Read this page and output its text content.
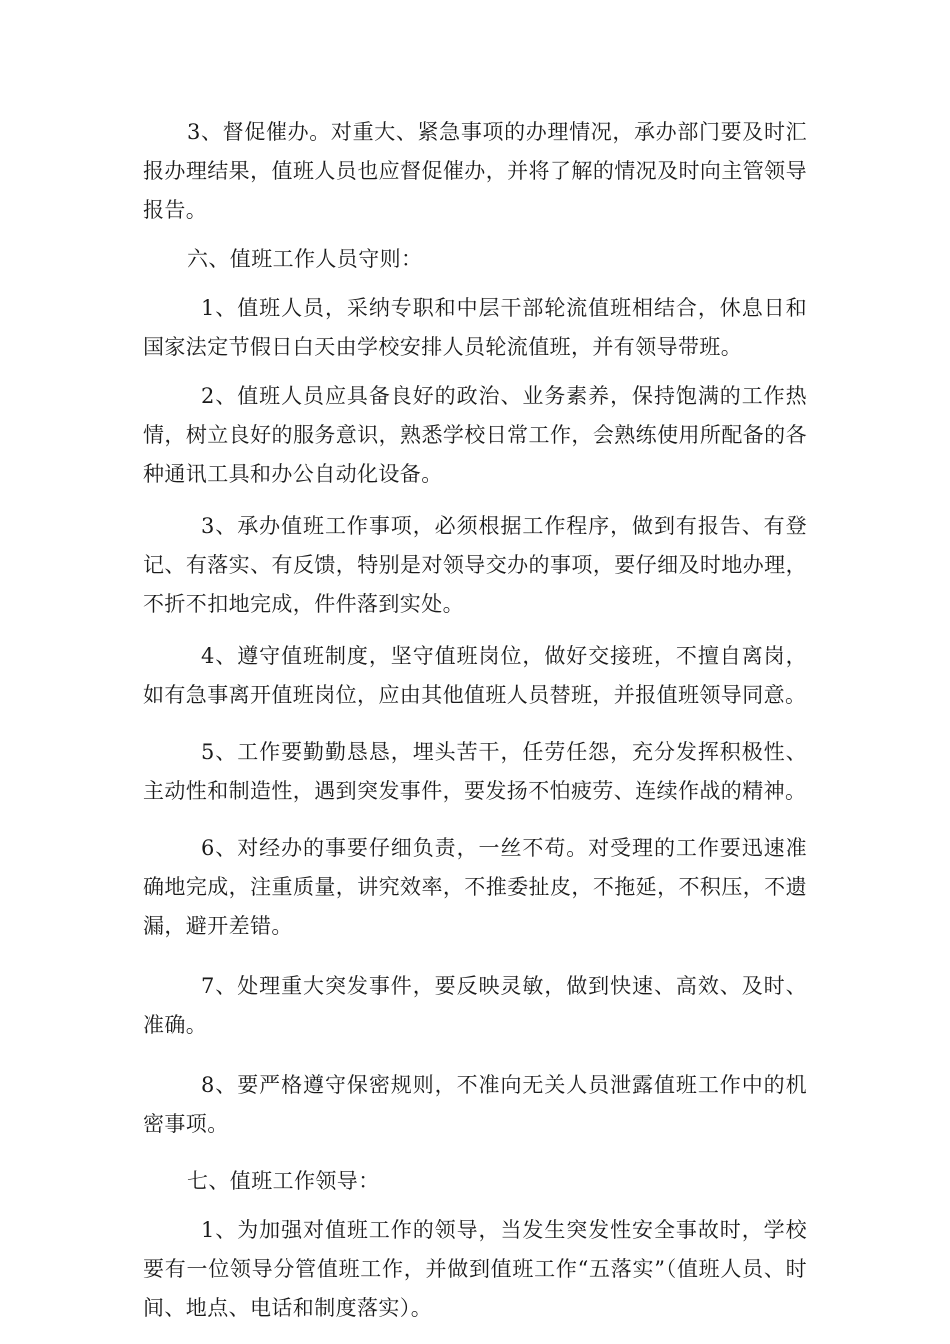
3、督促催办。对重大、紧急事项的办理情况，承办部门要及时汇报办理结果，值班人员也应督促催办，并将了解的情况及时向主管领导报告。

六、值班工作人员守则：

1、值班人员，采纳专职和中层干部轮流值班相结合，休息日和国家法定节假日白天由学校安排人员轮流值班，并有领导带班。

2、值班人员应具备良好的政治、业务素养，保持饱满的工作热情，树立良好的服务意识，熟悉学校日常工作，会熟练使用所配备的各种通讯工具和办公自动化设备。

3、承办值班工作事项，必须根据工作程序，做到有报告、有登记、有落实、有反馈，特别是对领导交办的事项，要仔细及时地办理，不折不扣地完成，件件落到实处。

4、遵守值班制度，坚守值班岗位，做好交接班，不擅自离岗，如有急事离开值班岗位，应由其他值班人员替班，并报值班领导同意。

5、工作要勤勤恳恳，埋头苦干，任劳任怨，充分发挥积极性、主动性和制造性，遇到突发事件，要发扬不怕疲劳、连续作战的精神。

6、对经办的事要仔细负责，一丝不苟。对受理的工作要迅速准确地完成，注重质量，讲究效率，不推委扯皮，不拖延，不积压，不遗漏，避开差错。

7、处理重大突发事件，要反映灵敏，做到快速、高效、及时、准确。

8、要严格遵守保密规则，不准向无关人员泄露值班工作中的机密事项。

七、值班工作领导：

1、为加强对值班工作的领导，当发生突发性安全事故时，学校要有一位领导分管值班工作，并做到值班工作“五落实”（值班人员、时间、地点、电话和制度落实）。
